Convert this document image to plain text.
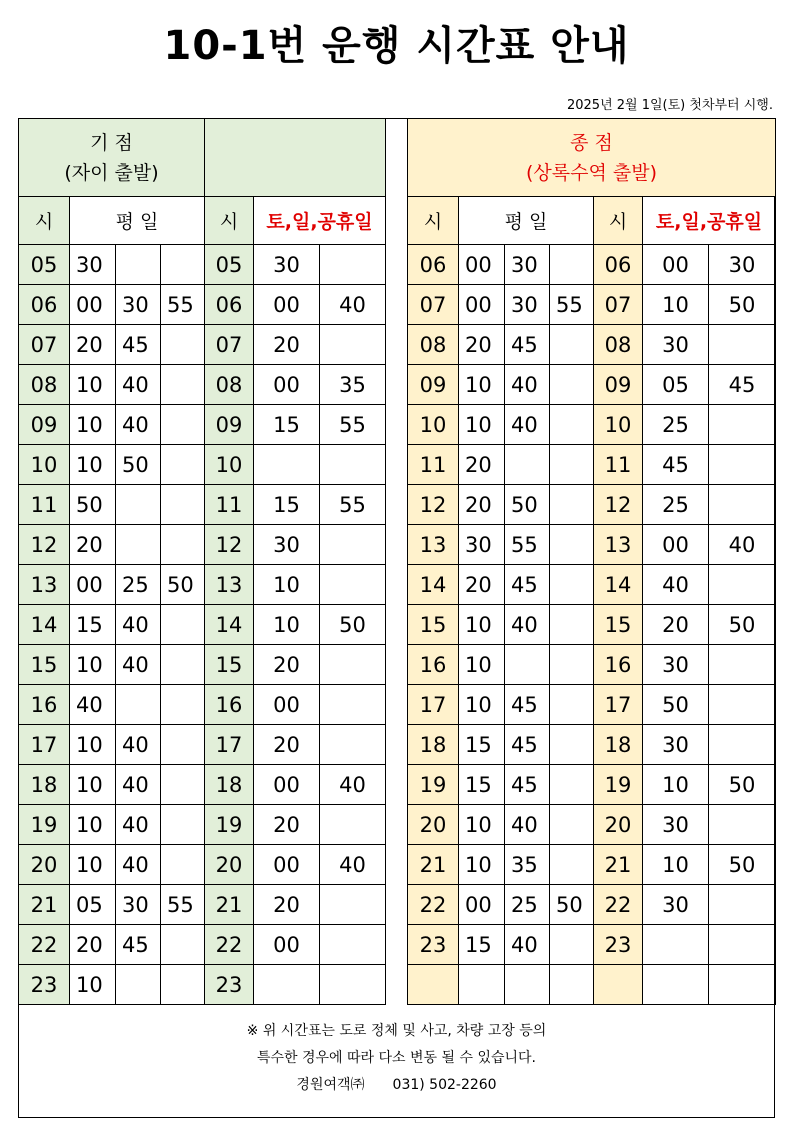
10-1번 운행 시간표 안내
2025년 2월 1일(토) 첫차부터 시행.
기 점
(자이 출발)						

시	평 일			시	토,일,공휴일	
05	30			05	30	
06	00	30	55	06	00	40
07	20	45		07	20	
08	10	40		08	00	35
09	10	40		09	15	55
10	10	50		10		
11	50			11	15	55
12	20			12	30	
13	00	25	50	13	10	
14	15	40		14	10	50
15	10	40		15	20	
16	40			16	00	
17	10	40		17	20	
18	10	40		18	00	40
19	10	40		19	20	
20	10	40		20	00	40
21	05	30	55	21	20	
22	20	45		22	00	
23	10			23		
종 점
(상록수역 출발)						

시	평 일			시	토,일,공휴일	
06	00	30		06	00	30
07	00	30	55	07	10	50
08	20	45		08	30	
09	10	40		09	05	45
10	10	40		10	25	
11	20			11	45	
12	20	50		12	25	
13	30	55		13	00	40
14	20	45		14	40	
15	10	40		15	20	50
16	10			16	30	
17	10	45		17	50	
18	15	45		18	30	
19	15	45		19	10	50
20	10	40		20	30	
21	10	35		21	10	50
22	00	25	50	22	30	
23	15	40		23		

※ 위 시간표는 도로 정체 및 사고, 차량 고장 등의
특수한 경우에 따라 다소 변동 될 수 있습니다.
경원여객㈜ 031) 502-2260
